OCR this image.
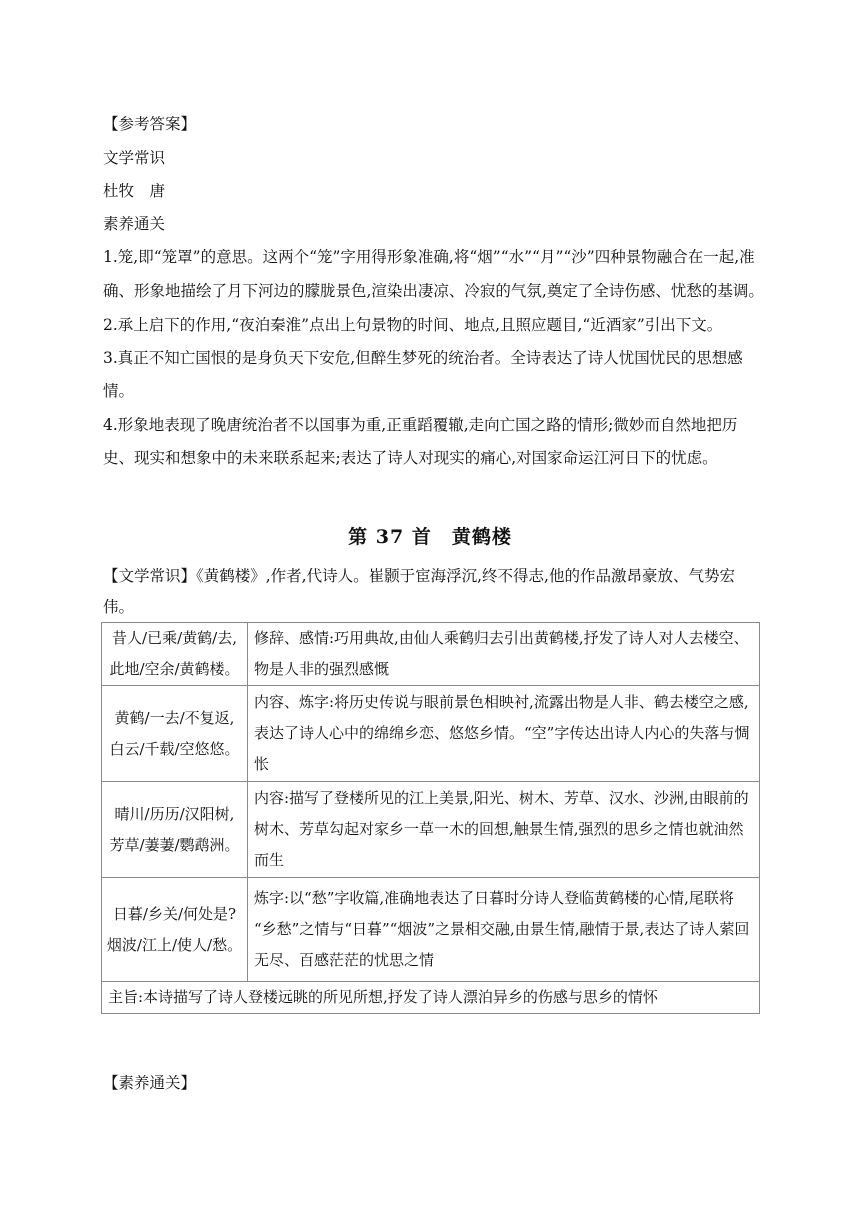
【参考答案】
文学常识
杜牧　唐
素养通关
1.笼,即“笼罩”的意思。这两个“笼”字用得形象准确,将“烟”“水”“月”“沙”四种景物融合在一起,准
确、形象地描绘了月下河边的朦胧景色,渲染出凄凉、冷寂的气氛,奠定了全诗伤感、忧愁的基调。
2.承上启下的作用,“夜泊秦淮”点出上句景物的时间、地点,且照应题目,“近酒家”引出下文。
3.真正不知亡国恨的是身负天下安危,但醉生梦死的统治者。全诗表达了诗人忧国忧民的思想感
情。
4.形象地表现了晚唐统治者不以国事为重,正重蹈覆辙,走向亡国之路的情形;微妙而自然地把历
史、现实和想象中的未来联系起来;表达了诗人对现实的痛心,对国家命运江河日下的忧虑。
第 37 首　黄鹤楼
【文学常识】《黄鹤楼》,作者,代诗人。崔颢于宦海浮沉,终不得志,他的作品激昂豪放、气势宏
伟。
昔人/已乘/黄鹤/去,
此地/空余/黄鹤楼。	修辞、感情:巧用典故,由仙人乘鹤归去引出黄鹤楼,抒发了诗人对人去楼空、
物是人非的强烈感慨

黄鹤/一去/不复返,
白云/千载/空悠悠。	内容、炼字:将历史传说与眼前景色相映衬,流露出物是人非、鹤去楼空之感,
表达了诗人心中的绵绵乡恋、悠悠乡情。“空”字传达出诗人内心的失落与惆
怅

晴川/历历/汉阳树,
芳草/萋萋/鹦鹉洲。	内容:描写了登楼所见的江上美景,阳光、树木、芳草、汉水、沙洲,由眼前的
树木、芳草勾起对家乡一草一木的回想,触景生情,强烈的思乡之情也就油然
而生

日暮/乡关/何处是?
烟波/江上/使人/愁。	炼字:以“愁”字收篇,准确地表达了日暮时分诗人登临黄鹤楼的心情,尾联将
“乡愁”之情与“日暮”“烟波”之景相交融,由景生情,融情于景,表达了诗人萦回
无尽、百感茫茫的忧思之情

主旨:本诗描写了诗人登楼远眺的所见所想,抒发了诗人漂泊异乡的伤感与思乡的情怀	
【素养通关】
